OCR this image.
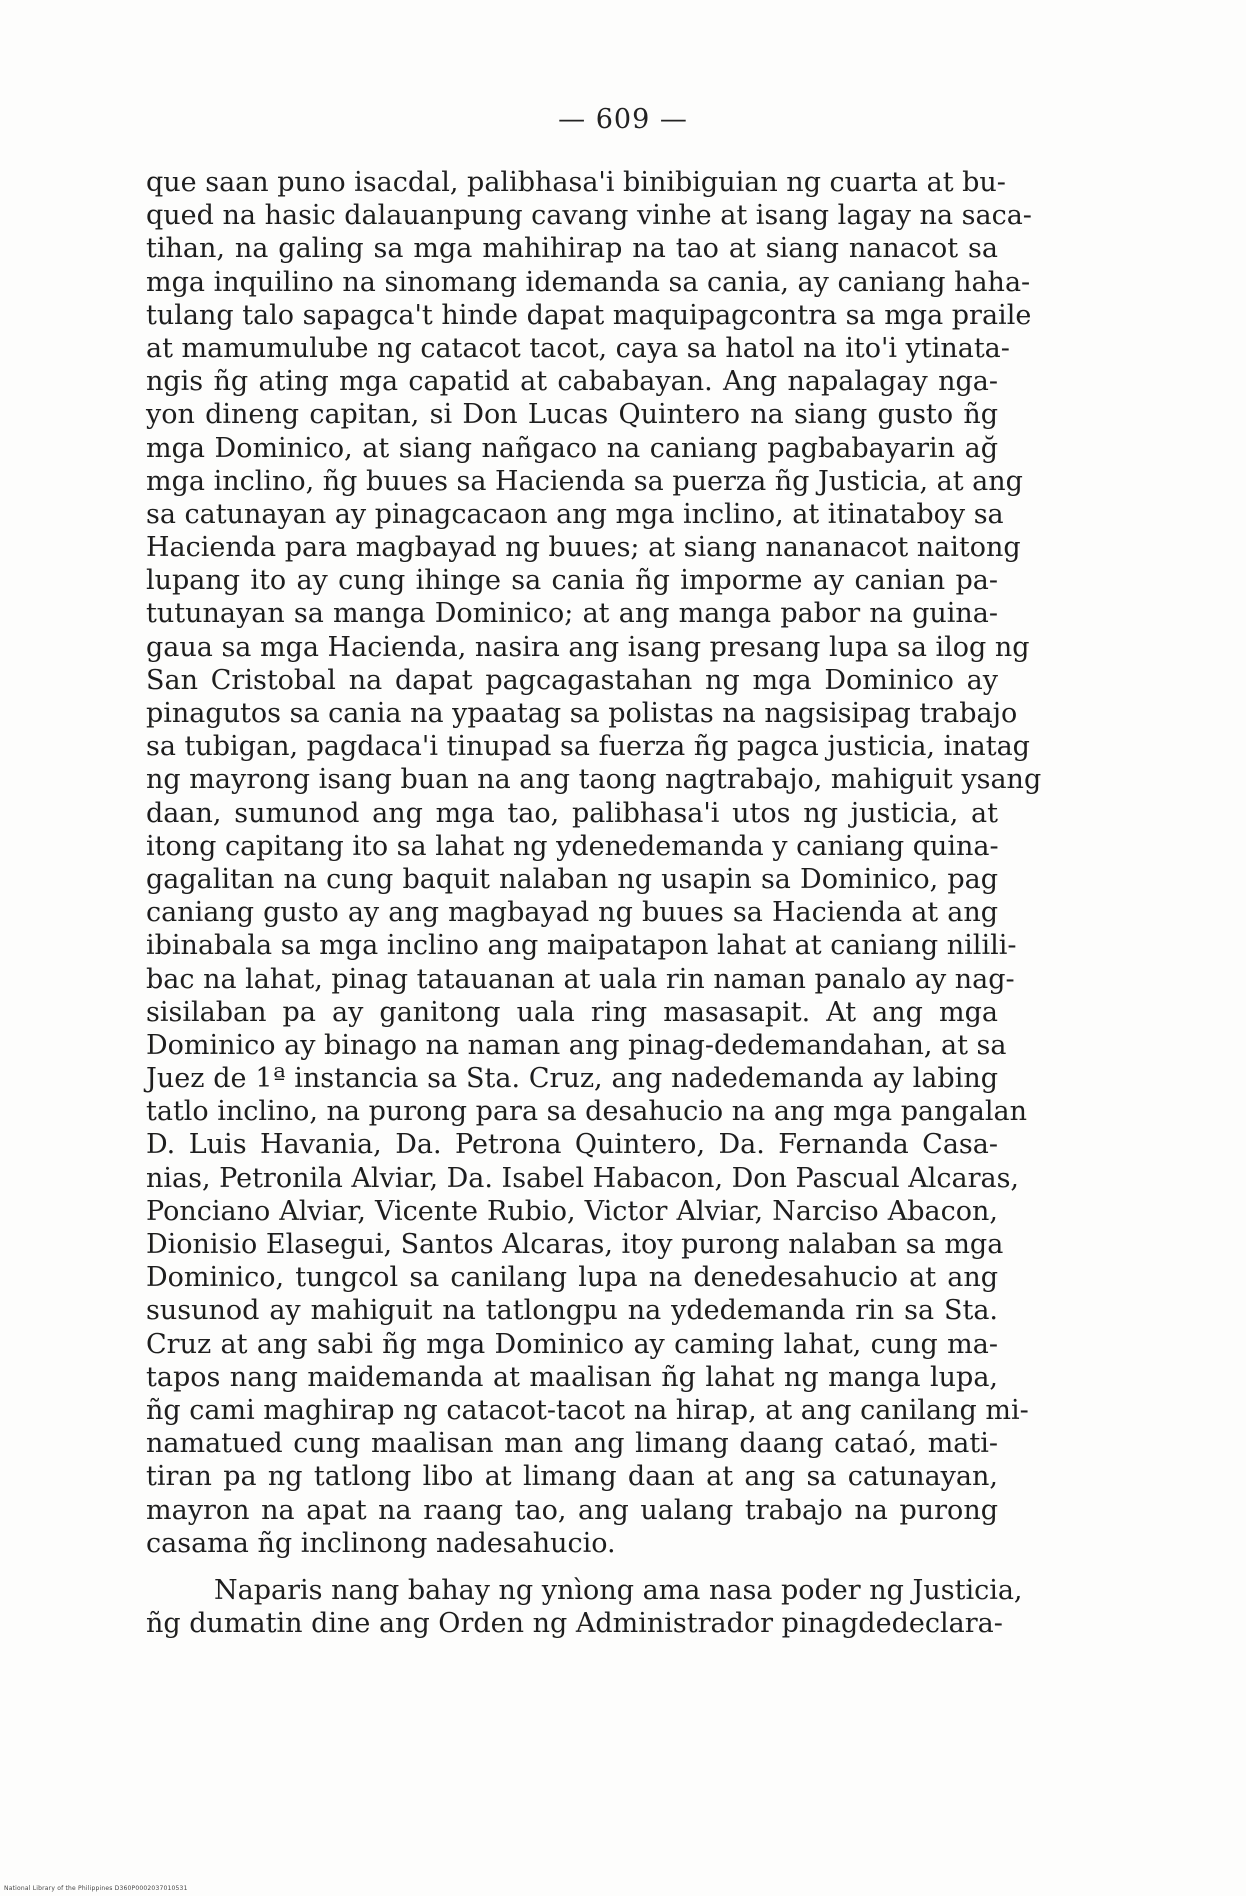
— 609 —
que saan puno isacdal, palibhasa'i binibiguian ng cuarta at bu-
qued na hasic dalauanpung cavang vinhe at isang lagay na saca-
tihan, na galing sa mga mahihirap na tao at siang nanacot sa
mga inquilino na sinomang idemanda sa cania, ay caniang haha-
tulang talo sapagca't hinde dapat maquipagcontra sa mga praile
at mamumulube ng catacot tacot, caya sa hatol na ito'i ytinata-
ngis ñg ating mga capatid at cababayan. Ang napalagay nga-
yon dineng capitan, si Don Lucas Quintero na siang gusto ñg
mga Dominico, at siang nañgaco na caniang pagbabayarin ağ
mga inclino, ñg buues sa Hacienda sa puerza ñg Justicia, at ang
sa catunayan ay pinagcacaon ang mga inclino, at itinataboy sa
Hacienda para magbayad ng buues; at siang nananacot naitong
lupang ito ay cung ihinge sa cania ñg imporme ay canian pa-
tutunayan sa manga Dominico; at ang manga pabor na guina-
gaua sa mga Hacienda, nasira ang isang presang lupa sa ilog ng
San Cristobal na dapat pagcagastahan ng mga Dominico ay
pinagutos sa cania na ypaatag sa polistas na nagsisipag trabajo
sa tubigan, pagdaca'i tinupad sa fuerza ñg pagca justicia, inatag
ng mayrong isang buan na ang taong nagtrabajo, mahiguit ysang
daan, sumunod ang mga tao, palibhasa'i utos ng justicia, at
itong capitang ito sa lahat ng ydenedemanda y caniang quina-
gagalitan na cung baquit nalaban ng usapin sa Dominico, pag
caniang gusto ay ang magbayad ng buues sa Hacienda at ang
ibinabala sa mga inclino ang maipatapon lahat at caniang nilili-
bac na lahat, pinag tatauanan at uala rin naman panalo ay nag-
sisilaban pa ay ganitong uala ring masasapit. At ang mga
Dominico ay binago na naman ang pinag-dedemandahan, at sa
Juez de 1ª instancia sa Sta. Cruz, ang nadedemanda ay labing
tatlo inclino, na purong para sa desahucio na ang mga pangalan
D. Luis Havania, Da. Petrona Quintero, Da. Fernanda Casa-
nias, Petronila Alviar, Da. Isabel Habacon, Don Pascual Alcaras,
Ponciano Alviar, Vicente Rubio, Victor Alviar, Narciso Abacon,
Dionisio Elasegui, Santos Alcaras, itoy purong nalaban sa mga
Dominico, tungcol sa canilang lupa na denedesahucio at ang
susunod ay mahiguit na tatlongpu na ydedemanda rin sa Sta.
Cruz at ang sabi ñg mga Dominico ay caming lahat, cung ma-
tapos nang maidemanda at maalisan ñg lahat ng manga lupa,
ñg cami maghirap ng catacot-tacot na hirap, at ang canilang mi-
namatued cung maalisan man ang limang daang cataó, mati-
tiran pa ng tatlong libo at limang daan at ang sa catunayan,
mayron na apat na raang tao, ang ualang trabajo na purong
casama ñg inclinong nadesahucio.
Naparis nang bahay ng ynìong ama nasa poder ng Justicia,
ñg dumatin dine ang Orden ng Administrador pinagdedeclara-
National Library of the Philippines D360P0002037010531
